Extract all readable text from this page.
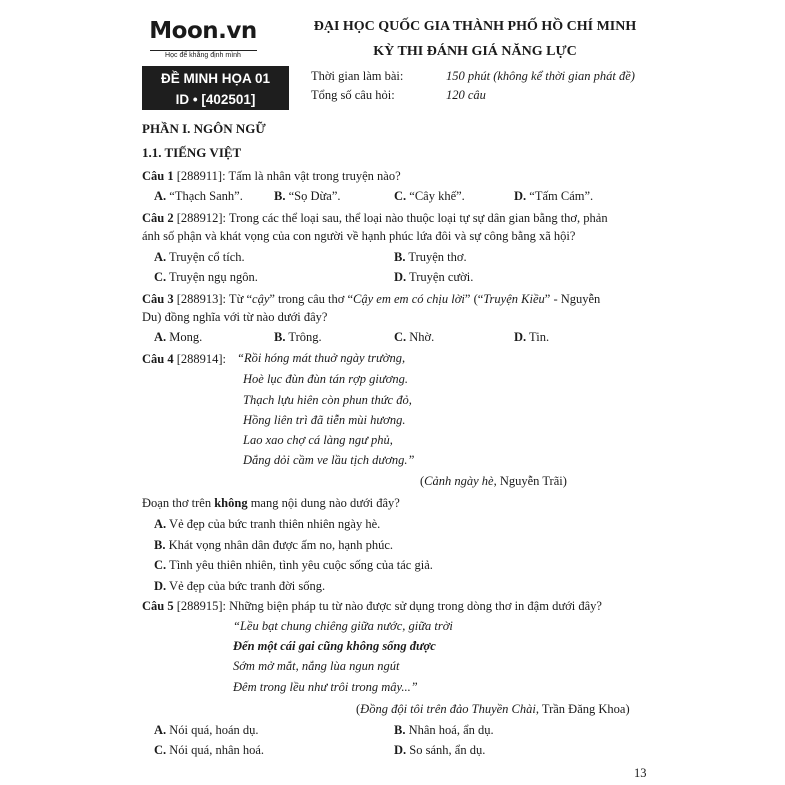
Moon.vn
Học để khẳng định mình
ĐẠI HỌC QUỐC GIA THÀNH PHỐ HỒ CHÍ MINH
KỲ THI ĐÁNH GIÁ NĂNG LỰC
ĐỀ MINH HỌA 01
ID • [402501]
Thời gian làm bài:	150 phút (không kể thời gian phát đề)
Tổng số câu hỏi:	120 câu
PHẦN I. NGÔN NGỮ
1.1. TIẾNG VIỆT
Câu 1 [288911]: Tấm là nhân vật trong truyện nào?
A. “Thạch Sanh”. B. “Sọ Dừa”.	C. “Cây khế”.	D. “Tấm Cám”.
Câu 2 [288912]: Trong các thể loại sau, thể loại nào thuộc loại tự sự dân gian bằng thơ, phản
ánh số phận và khát vọng của con người về hạnh phúc lứa đôi và sự công bằng xã hội?
A. Truyện cổ tích.	B. Truyện thơ.
C. Truyện ngụ ngôn.	D. Truyện cười.
Câu 3 [288913]: Từ “cậy” trong câu thơ “Cậy em em có chịu lời” (“Truyện Kiều” - Nguyễn
Du) đồng nghĩa với từ nào dưới đây?
A. Mong.	B. Trông.	C. Nhờ.	D. Tin.
Câu 4 [288914]: “Rồi hóng mát thuở ngày trường,
Hoè lục đùn đùn tán rợp giương.
Thạch lựu hiên còn phun thức đỏ,
Hồng liên trì đã tiễn mùi hương.
Lao xao chợ cá làng ngư phủ,
Dắng dỏi cầm ve lầu tịch dương.”
(Cảnh ngày hè, Nguyễn Trãi)
Đoạn thơ trên không mang nội dung nào dưới đây?
A. Vẻ đẹp của bức tranh thiên nhiên ngày hè.
B. Khát vọng nhân dân được ấm no, hạnh phúc.
C. Tình yêu thiên nhiên, tình yêu cuộc sống của tác giả.
D. Vẻ đẹp của bức tranh đời sống.
Câu 5 [288915]: Những biện pháp tu từ nào được sử dụng trong dòng thơ in đậm dưới đây?
“Lều bạt chung chiêng giữa nước, giữa trời
Đến một cái gai cũng không sống được
Sớm mở mắt, nắng lùa ngun ngút
Đêm trong lều như trôi trong mây...”
(Đồng đội tôi trên đảo Thuyền Chài, Trần Đăng Khoa)
A. Nói quá, hoán dụ.	B. Nhân hoá, ẩn dụ.
C. Nói quá, nhân hoá.	D. So sánh, ẩn dụ.
13
